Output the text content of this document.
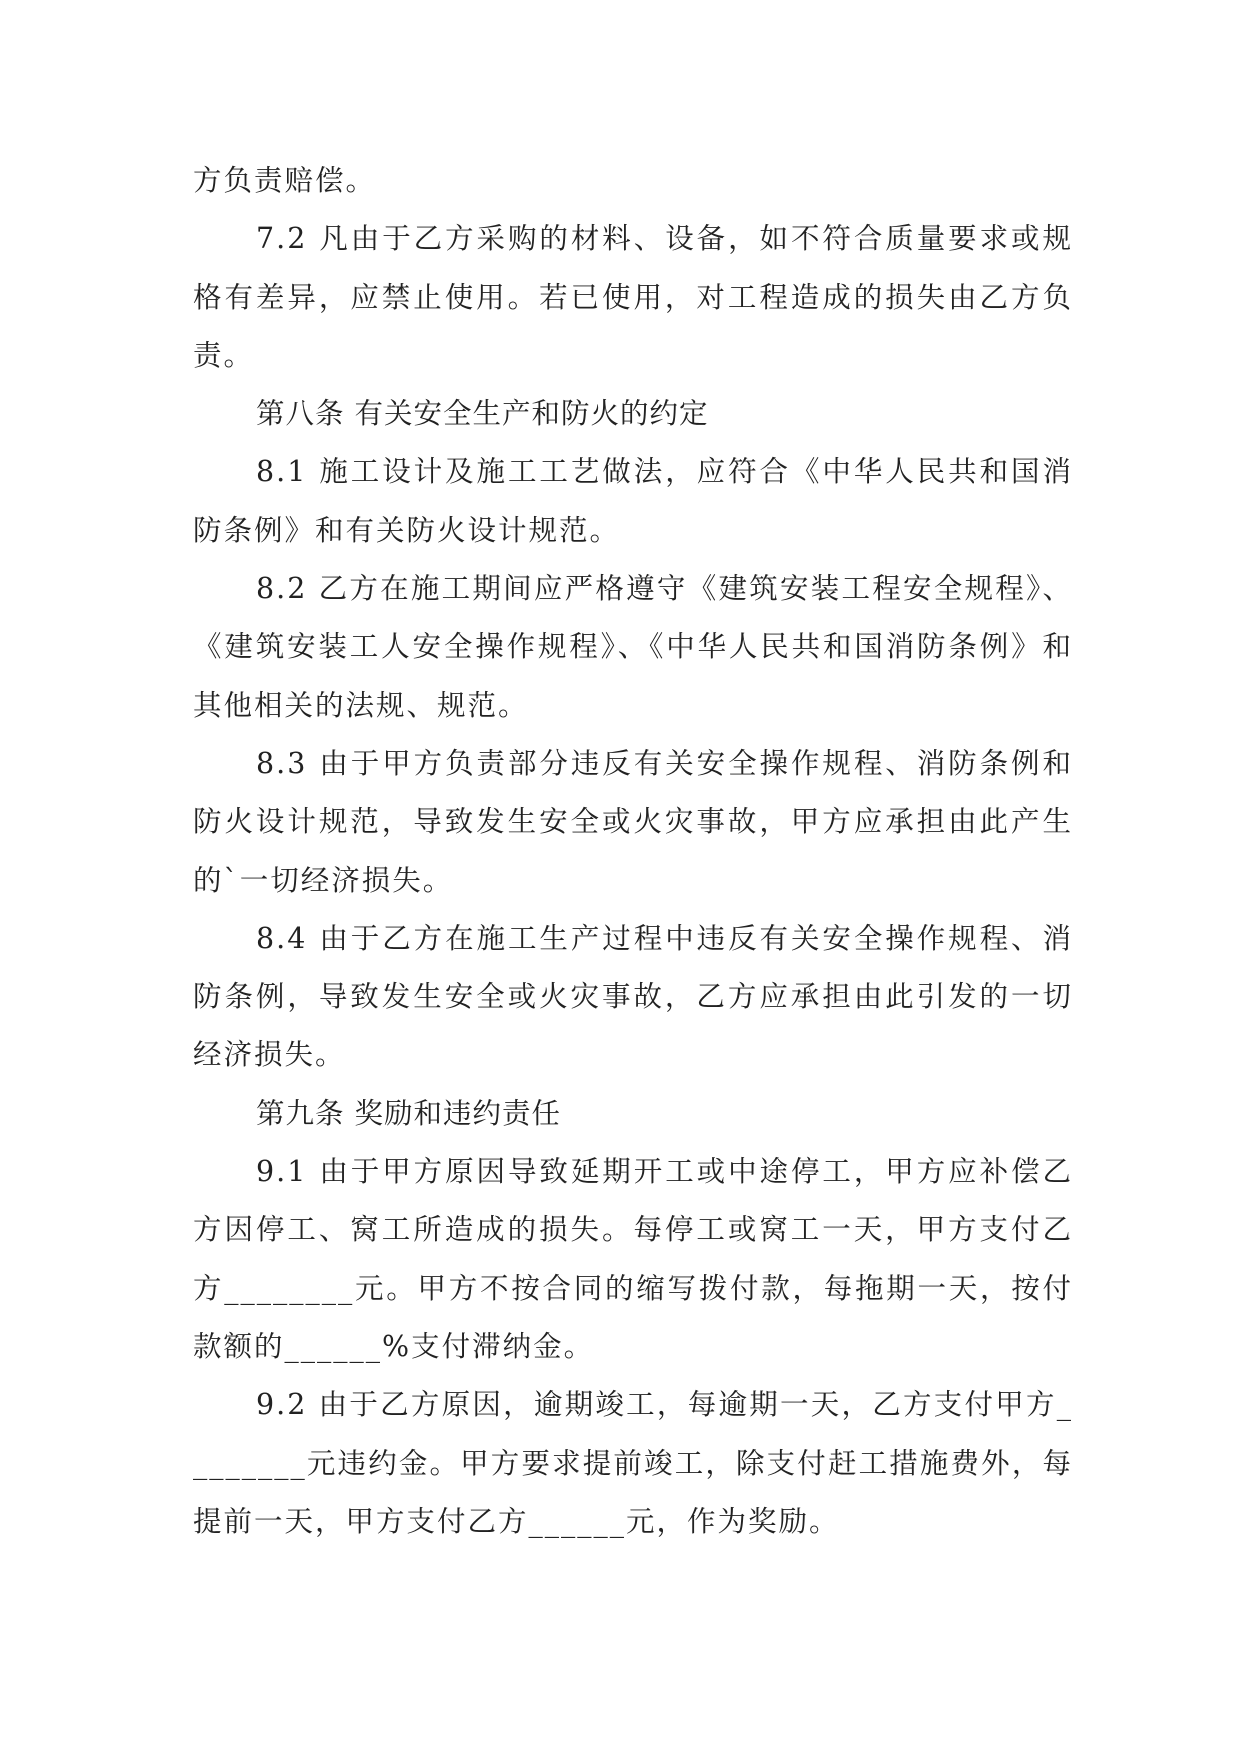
方负责赔偿。

7.2 凡由于乙方采购的材料、设备，如不符合质量要求或规格有差异，应禁止使用。若已使用，对工程造成的损失由乙方负责。

第八条 有关安全生产和防火的约定

8.1 施工设计及施工工艺做法，应符合《中华人民共和国消防条例》和有关防火设计规范。

8.2 乙方在施工期间应严格遵守《建筑安装工程安全规程》、《建筑安装工人安全操作规程》、《中华人民共和国消防条例》和其他相关的法规、规范。

8.3 由于甲方负责部分违反有关安全操作规程、消防条例和防火设计规范，导致发生安全或火灾事故，甲方应承担由此产生的`一切经济损失。

8.4 由于乙方在施工生产过程中违反有关安全操作规程、消防条例，导致发生安全或火灾事故，乙方应承担由此引发的一切经济损失。

第九条 奖励和违约责任

9.1 由于甲方原因导致延期开工或中途停工，甲方应补偿乙方因停工、窝工所造成的损失。每停工或窝工一天，甲方支付乙方________元。甲方不按合同的缩写拨付款，每拖期一天，按付款额的______%支付滞纳金。

9.2 由于乙方原因，逾期竣工，每逾期一天，乙方支付甲方________元违约金。甲方要求提前竣工，除支付赶工措施费外，每提前一天，甲方支付乙方______元，作为奖励。
